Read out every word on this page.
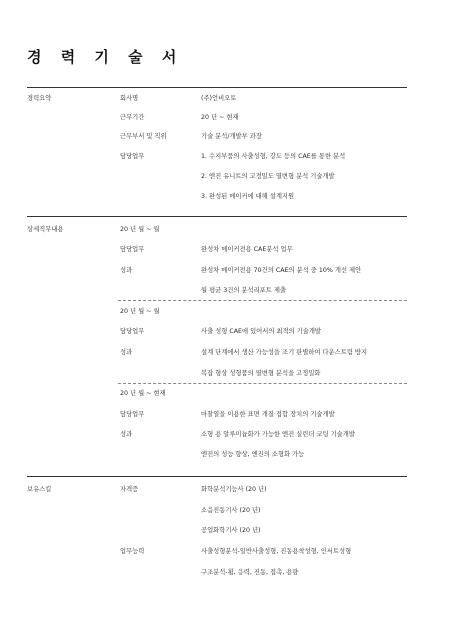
경 력 기 술 서
경력요약	회사명	(주)언비오토
근무기간	20 년 ~ 현재
근무부서 및 직위	기술 분석/개발부 과장
담당업무	1. 수지부품의 사출성형, 강도 등의 CAE를 통한 분석
2. 엔진 유니트의 고정밀도 열변형 분석 기술개발
3. 완성된 메이커에 대해 설계지원
상세직무내용	20 년 월 ~ 월
담당업무	완성차 메이커전용 CAE분석 업무
성과	완성차 메이커전용 70건의 CAE의 분석 중 10% 개선 제안
월 평균 3건의 분석리포트 제출
20 년 월 ~ 월
담당업무	사출 성형 CAE에 있어서의 최적의 기술개발
성과	설계 단계에서 생산 가능성을 조기 판별하여 다운스트림 방지
복잡 형상 성형품의 열변형 분석을 고정밀화
20 년 월 ~ 현재
담당업무	마찰열을 이용한 표면 개질·접합 장치의 기술개발
성과	소형 용 알루미늄화가 가능한 엔진 실린더 코팅 기술개발
엔진의 성능 향상, 엔진의 소형화 가능
보유스킬	자격증	화학분석기능사 (20 년)
소음진동기사 (20 년)
공업화학기사 (20 년)
업무능력	사출성형분석-일반사출성형, 진동용착성형, 인서트성형
구조분석-휨, 응력, 진동, 접촉, 용량
